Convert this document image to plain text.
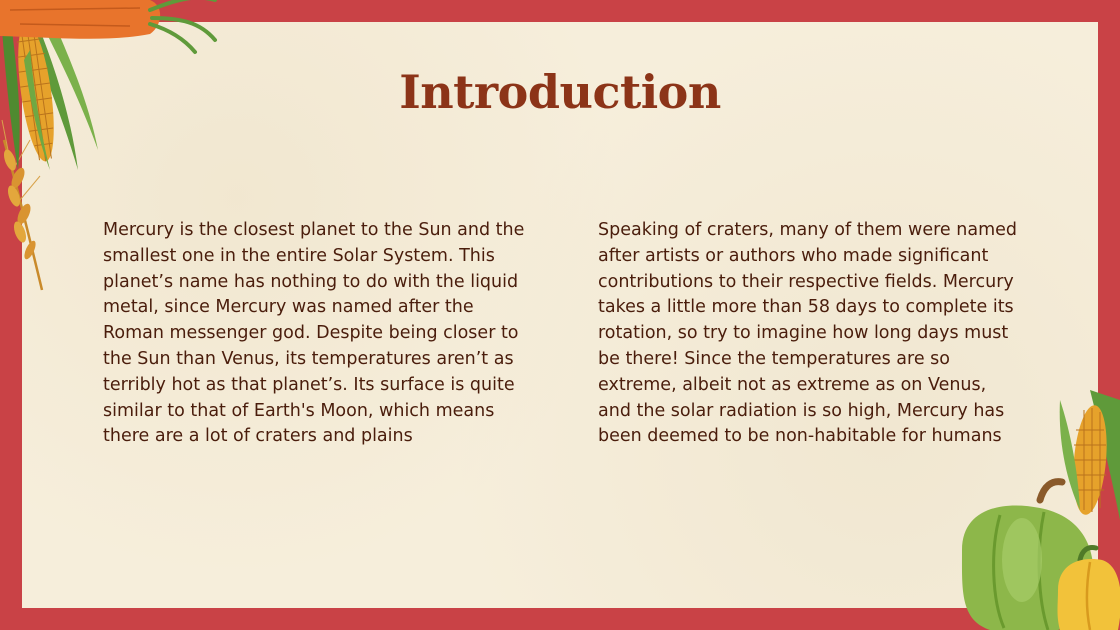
Introduction

Mercury is the closest planet to the Sun and the smallest one in the entire Solar System. This planet’s name has nothing to do with the liquid metal, since Mercury was named after the Roman messenger god. Despite being closer to the Sun than Venus, its temperatures aren’t as terribly hot as that planet’s. Its surface is quite similar to that of Earth's Moon, which means there are a lot of craters and plains

Speaking of craters, many of them were named after artists or authors who made significant contributions to their respective fields. Mercury takes a little more than 58 days to complete its rotation, so try to imagine how long days must be there! Since the temperatures are so extreme, albeit not as extreme as on Venus, and the solar radiation is so high, Mercury has been deemed to be non-habitable for humans
